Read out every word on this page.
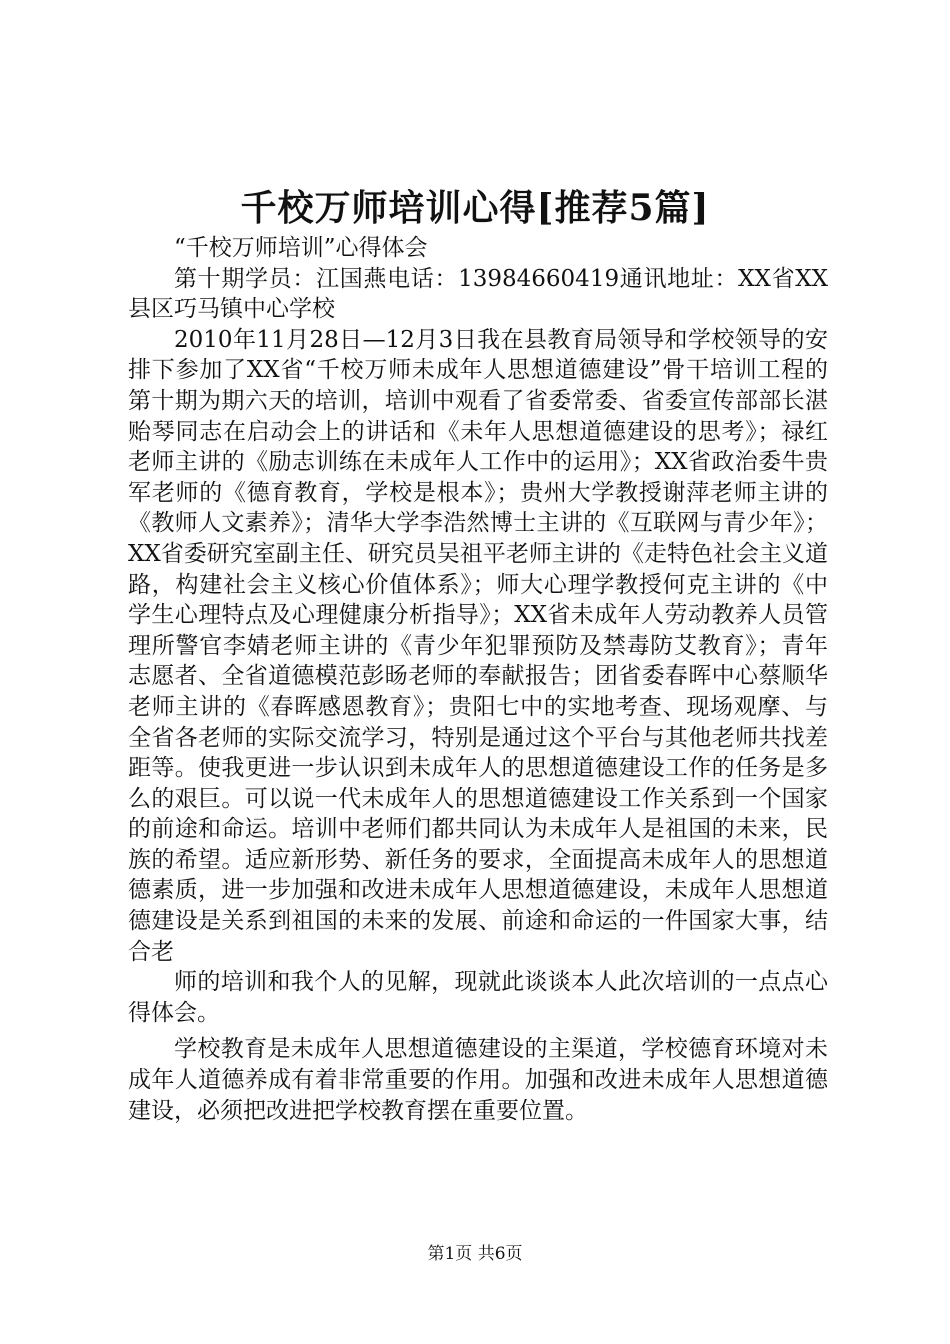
千校万师培训心得[推荐5篇]

“千校万师培训”心得体会

第十期学员：江国燕电话：13984660419通讯地址：XX省XX县区巧马镇中心学校

2010年11月28日—12月3日我在县教育局领导和学校领导的安排下参加了XX省“千校万师未成年人思想道德建设”骨干培训工程的第十期为期六天的培训，培训中观看了省委常委、省委宣传部部长湛贻琴同志在启动会上的讲话和《未年人思想道德建设的思考》；禄红老师主讲的《励志训练在未成年人工作中的运用》；XX省政治委牛贵军老师的《德育教育，学校是根本》；贵州大学教授谢萍老师主讲的《教师人文素养》；清华大学李浩然博士主讲的《互联网与青少年》；XX省委研究室副主任、研究员吴祖平老师主讲的《走特色社会主义道路，构建社会主义核心价值体系》；师大心理学教授何克主讲的《中学生心理特点及心理健康分析指导》；XX省未成年人劳动教养人员管理所警官李婧老师主讲的《青少年犯罪预防及禁毒防艾教育》；青年志愿者、全省道德模范彭旸老师的奉献报告；团省委春晖中心蔡顺华老师主讲的《春晖感恩教育》；贵阳七中的实地考查、现场观摩、与全省各老师的实际交流学习，特别是通过这个平台与其他老师共找差距等。使我更进一步认识到未成年人的思想道德建设工作的任务是多么的艰巨。可以说一代未成年人的思想道德建设工作关系到一个国家的前途和命运。培训中老师们都共同认为未成年人是祖国的未来，民族的希望。适应新形势、新任务的要求，全面提高未成年人的思想道德素质，进一步加强和改进未成年人思想道德建设，未成年人思想道德建设是关系到祖国的未来的发展、前途和命运的一件国家大事，结合老

师的培训和我个人的见解，现就此谈谈本人此次培训的一点点心得体会。

学校教育是未成年人思想道德建设的主渠道，学校德育环境对未成年人道德养成有着非常重要的作用。加强和改进未成年人思想道德建设，必须把改进把学校教育摆在重要位置。

第1页 共6页
